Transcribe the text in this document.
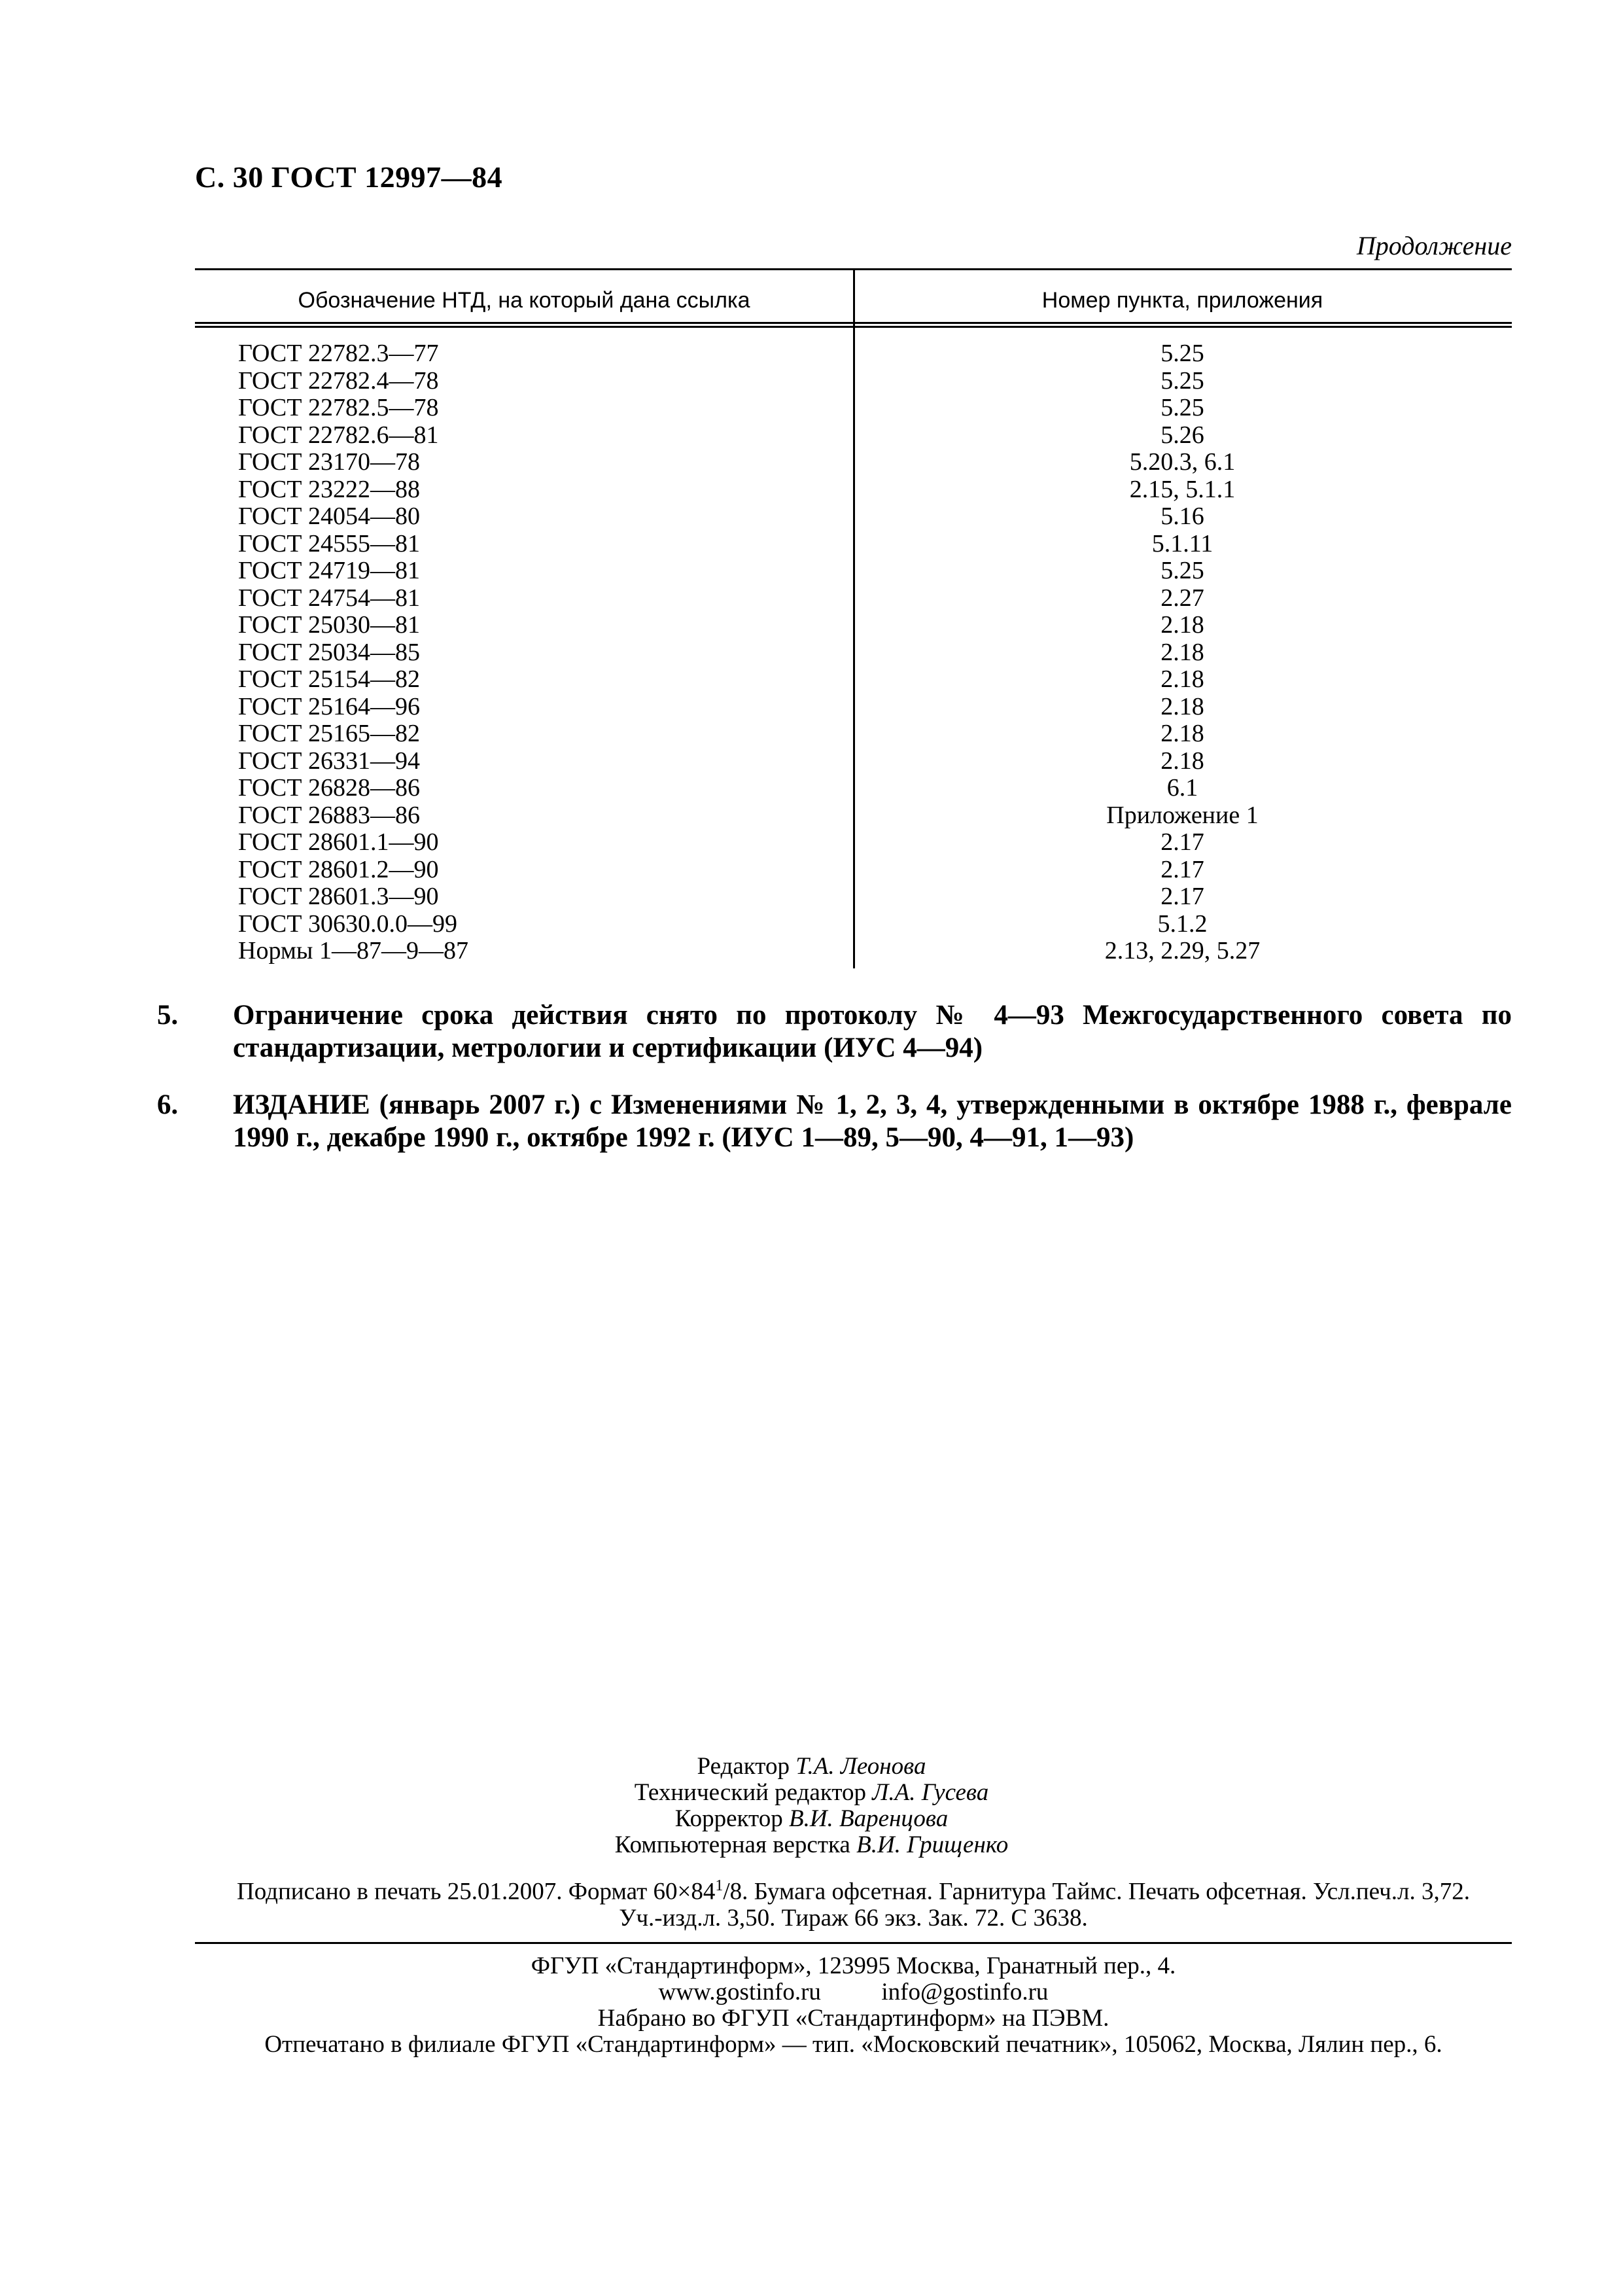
С. 30 ГОСТ 12997—84
Продолжение
Обозначение НТД, на который дана ссылка	Номер пункта, приложения
ГОСТ 22782.3—77	5.25
ГОСТ 22782.4—78	5.25
ГОСТ 22782.5—78	5.25
ГОСТ 22782.6—81	5.26
ГОСТ 23170—78	5.20.3, 6.1
ГОСТ 23222—88	2.15, 5.1.1
ГОСТ 24054—80	5.16
ГОСТ 24555—81	5.1.11
ГОСТ 24719—81	5.25
ГОСТ 24754—81	2.27
ГОСТ 25030—81	2.18
ГОСТ 25034—85	2.18
ГОСТ 25154—82	2.18
ГОСТ 25164—96	2.18
ГОСТ 25165—82	2.18
ГОСТ 26331—94	2.18
ГОСТ 26828—86	6.1
ГОСТ 26883—86	Приложение 1
ГОСТ 28601.1—90	2.17
ГОСТ 28601.2—90	2.17
ГОСТ 28601.3—90	2.17
ГОСТ 30630.0.0—99	5.1.2
Нормы 1—87—9—87	2.13, 2.29, 5.27
5. Ограничение срока действия снято по протоколу № 4—93 Межгосударственного совета по стандартизации, метрологии и сертификации (ИУС 4—94)
6. ИЗДАНИЕ (январь 2007 г.) с Изменениями № 1, 2, 3, 4, утвержденными в октябре 1988 г., феврале 1990 г., декабре 1990 г., октябре 1992 г. (ИУС 1—89, 5—90, 4—91, 1—93)
Редактор Т.А. Леонова
Технический редактор Л.А. Гусева
Корректор В.И. Варенцова
Компьютерная верстка В.И. Грищенко
Подписано в печать 25.01.2007. Формат $60\times 84^1/8$. Бумага офсетная. Гарнитура Таймс. Печать офсетная. Усл.печ.л. 3,72.
Уч.-изд.л. 3,50. Тираж 66 экз. Зак. 72. С 3638.
ФГУП «Стандартинформ», 123995 Москва, Гранатный пер., 4.
www.gostinfo.ru	info@gostinfo.ru
Набрано во ФГУП «Стандартинформ» на ПЭВМ.
Отпечатано в филиале ФГУП «Стандартинформ» — тип. «Московский печатник», 105062, Москва, Лялин пер., 6.
